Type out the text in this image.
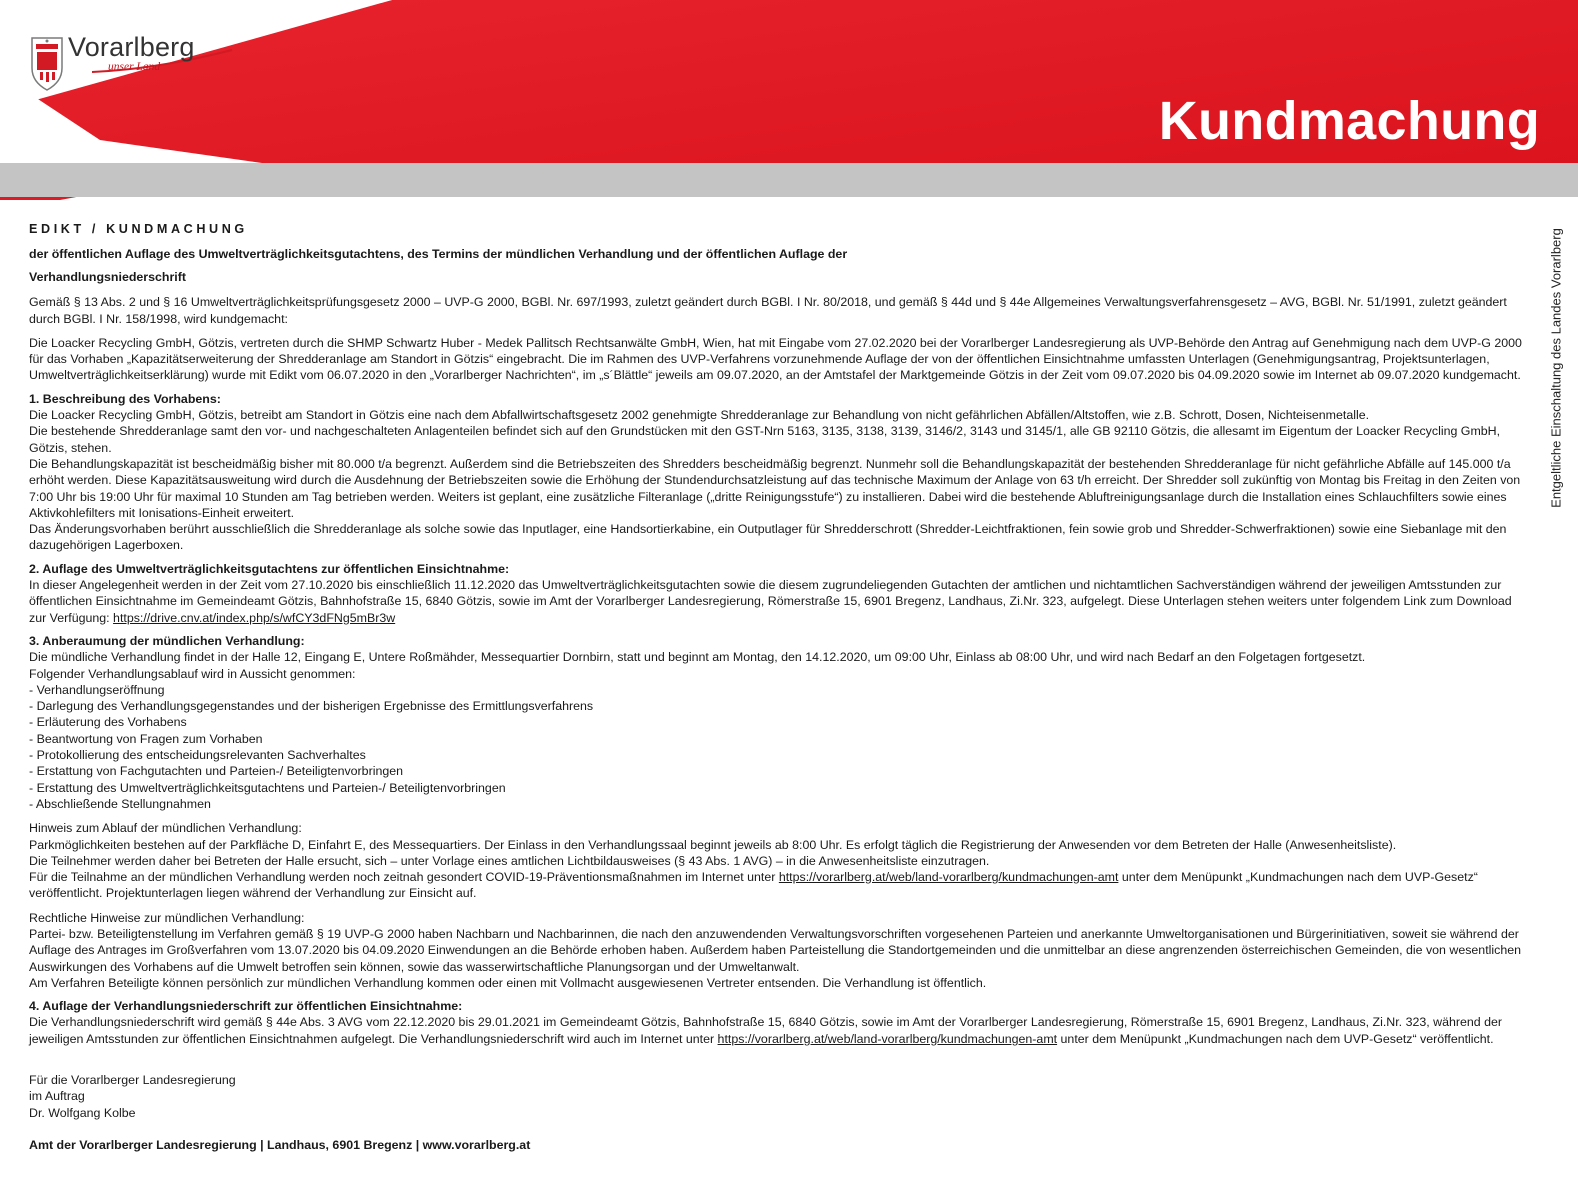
Vorarlberg
unser Land
Kundmachung
Entgeltliche Einschaltung des Landes Vorarlberg

EDIKT / KUNDMACHUNG

der öffentlichen Auflage des Umweltverträglichkeitsgutachtens, des Termins der mündlichen Verhandlung und der öffentlichen Auflage der

Verhandlungsniederschrift

Gemäß § 13 Abs. 2 und § 16 Umweltverträglichkeitsprüfungsgesetz 2000 – UVP-G 2000, BGBl. Nr. 697/1993, zuletzt geändert durch BGBl. I Nr. 80/2018, und gemäß § 44d und § 44e Allgemeines Verwaltungsverfahrensgesetz – AVG, BGBl. Nr. 51/1991, zuletzt geändert durch BGBl. I Nr. 158/1998, wird kundgemacht:

Die Loacker Recycling GmbH, Götzis, vertreten durch die SHMP Schwartz Huber - Medek Pallitsch Rechtsanwälte GmbH, Wien, hat mit Eingabe vom 27.02.2020 bei der Vorarlberger Landesregierung als UVP-Behörde den Antrag auf Genehmigung nach dem UVP-G 2000 für das Vorhaben „Kapazitätserweiterung der Shredderanlage am Standort in Götzis“ eingebracht. Die im Rahmen des UVP-Verfahrens vorzunehmende Auflage der von der öffentlichen Einsichtnahme umfassten Unterlagen (Genehmigungsantrag, Projektsunterlagen, Umweltverträglichkeitserklärung) wurde mit Edikt vom 06.07.2020 in den „Vorarlberger Nachrichten“, im „s´Blättle“ jeweils am 09.07.2020, an der Amtstafel der Marktgemeinde Götzis in der Zeit vom 09.07.2020 bis 04.09.2020 sowie im Internet ab 09.07.2020 kundgemacht.

1. Beschreibung des Vorhabens:

Die Loacker Recycling GmbH, Götzis, betreibt am Standort in Götzis eine nach dem Abfallwirtschaftsgesetz 2002 genehmigte Shredderanlage zur Behandlung von nicht gefährlichen Abfällen/Altstoffen, wie z.B. Schrott, Dosen, Nichteisenmetalle.

Die bestehende Shredderanlage samt den vor- und nachgeschalteten Anlagenteilen befindet sich auf den Grundstücken mit den GST-Nrn 5163, 3135, 3138, 3139, 3146/2, 3143 und 3145/1, alle GB 92110 Götzis, die allesamt im Eigentum der Loacker Recycling GmbH, Götzis, stehen.

Die Behandlungskapazität ist bescheidmäßig bisher mit 80.000 t/a begrenzt. Außerdem sind die Betriebszeiten des Shredders bescheidmäßig begrenzt. Nunmehr soll die Behandlungskapazität der bestehenden Shredderanlage für nicht gefährliche Abfälle auf 145.000 t/a erhöht werden. Diese Kapazitätsausweitung wird durch die Ausdehnung der Betriebszeiten sowie die Erhöhung der Stundendurchsatzleistung auf das technische Maximum der Anlage von 63 t/h erreicht. Der Shredder soll zukünftig von Montag bis Freitag in den Zeiten von 7:00 Uhr bis 19:00 Uhr für maximal 10 Stunden am Tag betrieben werden. Weiters ist geplant, eine zusätzliche Filteranlage („dritte Reinigungsstufe“) zu installieren. Dabei wird die bestehende Abluftreinigungsanlage durch die Installation eines Schlauchfilters sowie eines Aktivkohlefilters mit Ionisations-Einheit erweitert.

Das Änderungsvorhaben berührt ausschließlich die Shredderanlage als solche sowie das Inputlager, eine Handsortierkabine, ein Outputlager für Shredderschrott (Shredder-Leichtfraktionen, fein sowie grob und Shredder-Schwerfraktionen) sowie eine Siebanlage mit den dazugehörigen Lagerboxen.

2. Auflage des Umweltverträglichkeitsgutachtens zur öffentlichen Einsichtnahme:

In dieser Angelegenheit werden in der Zeit vom 27.10.2020 bis einschließlich 11.12.2020 das Umweltverträglichkeitsgutachten sowie die diesem zugrundeliegenden Gutachten der amtlichen und nichtamtlichen Sachverständigen während der jeweiligen Amtsstunden zur öffentlichen Einsichtnahme im Gemeindeamt Götzis, Bahnhofstraße 15, 6840 Götzis, sowie im Amt der Vorarlberger Landesregierung, Römerstraße 15, 6901 Bregenz, Landhaus, Zi.Nr. 323, aufgelegt. Diese Unterlagen stehen weiters unter folgendem Link zum Download zur Verfügung: https://drive.cnv.at/index.php/s/wfCY3dFNg5mBr3w

3. Anberaumung der mündlichen Verhandlung:

Die mündliche Verhandlung findet in der Halle 12, Eingang E, Untere Roßmähder, Messequartier Dornbirn, statt und beginnt am Montag, den 14.12.2020, um 09:00 Uhr, Einlass ab 08:00 Uhr, und wird nach Bedarf an den Folgetagen fortgesetzt.

Folgender Verhandlungsablauf wird in Aussicht genommen:

- Verhandlungseröffnung
- Darlegung des Verhandlungsgegenstandes und der bisherigen Ergebnisse des Ermittlungsverfahrens
- Erläuterung des Vorhabens
- Beantwortung von Fragen zum Vorhaben
- Protokollierung des entscheidungsrelevanten Sachverhaltes
- Erstattung von Fachgutachten und Parteien-/ Beteiligtenvorbringen
- Erstattung des Umweltverträglichkeitsgutachtens und Parteien-/ Beteiligtenvorbringen
- Abschließende Stellungnahmen

Hinweis zum Ablauf der mündlichen Verhandlung:

Parkmöglichkeiten bestehen auf der Parkfläche D, Einfahrt E, des Messequartiers. Der Einlass in den Verhandlungssaal beginnt jeweils ab 8:00 Uhr. Es erfolgt täglich die Registrierung der Anwesenden vor dem Betreten der Halle (Anwesenheitsliste).

Die Teilnehmer werden daher bei Betreten der Halle ersucht, sich – unter Vorlage eines amtlichen Lichtbildausweises (§ 43 Abs. 1 AVG) – in die Anwesenheitsliste einzutragen.

Für die Teilnahme an der mündlichen Verhandlung werden noch zeitnah gesondert COVID-19-Präventionsmaßnahmen im Internet unter https://vorarlberg.at/web/land-vorarlberg/kundmachungen-amt unter dem Menüpunkt „Kundmachungen nach dem UVP-Gesetz“ veröffentlicht. Projektunterlagen liegen während der Verhandlung zur Einsicht auf.

Rechtliche Hinweise zur mündlichen Verhandlung:

Partei- bzw. Beteiligtenstellung im Verfahren gemäß § 19 UVP-G 2000 haben Nachbarn und Nachbarinnen, die nach den anzuwendenden Verwaltungsvorschriften vorgesehenen Parteien und anerkannte Umweltorganisationen und Bürgerinitiativen, soweit sie während der Auflage des Antrages im Großverfahren vom 13.07.2020 bis 04.09.2020 Einwendungen an die Behörde erhoben haben. Außerdem haben Parteistellung die Standortgemeinden und die unmittelbar an diese angrenzenden österreichischen Gemeinden, die von wesentlichen Auswirkungen des Vorhabens auf die Umwelt betroffen sein können, sowie das wasserwirtschaftliche Planungsorgan und der Umweltanwalt.

Am Verfahren Beteiligte können persönlich zur mündlichen Verhandlung kommen oder einen mit Vollmacht ausgewiesenen Vertreter entsenden. Die Verhandlung ist öffentlich.

4. Auflage der Verhandlungsniederschrift zur öffentlichen Einsichtnahme:

Die Verhandlungsniederschrift wird gemäß § 44e Abs. 3 AVG vom 22.12.2020 bis 29.01.2021 im Gemeindeamt Götzis, Bahnhofstraße 15, 6840 Götzis, sowie im Amt der Vorarlberger Landesregierung, Römerstraße 15, 6901 Bregenz, Landhaus, Zi.Nr. 323, während der jeweiligen Amtsstunden zur öffentlichen Einsichtnahmen aufgelegt. Die Verhandlungsniederschrift wird auch im Internet unter https://vorarlberg.at/web/land-vorarlberg/kundmachungen-amt unter dem Menüpunkt „Kundmachungen nach dem UVP-Gesetz“ veröffentlicht.

Für die Vorarlberger Landesregierung

im Auftrag

Dr. Wolfgang Kolbe

Amt der Vorarlberger Landesregierung | Landhaus, 6901 Bregenz | www.vorarlberg.at
